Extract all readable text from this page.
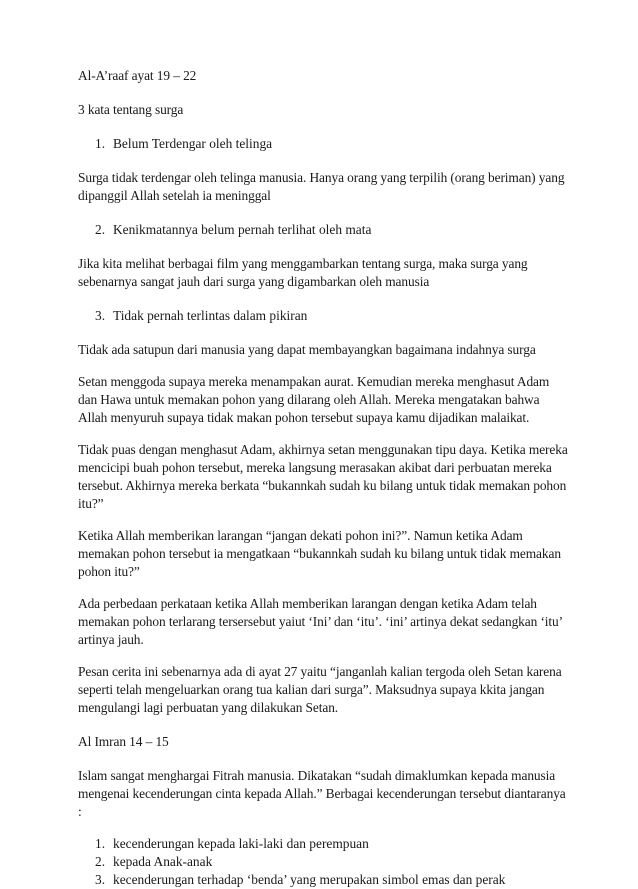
Al-A’raaf ayat 19 – 22

3 kata tentang surga

1. Belum Terdengar oleh telinga

Surga tidak terdengar oleh telinga manusia. Hanya orang yang terpilih (orang beriman) yang dipanggil Allah setelah ia meninggal

2. Kenikmatannya belum pernah terlihat oleh mata

Jika kita melihat berbagai film yang menggambarkan tentang surga, maka surga yang sebenarnya sangat jauh dari surga yang digambarkan oleh manusia

3. Tidak pernah terlintas dalam pikiran

Tidak ada satupun dari manusia yang dapat membayangkan bagaimana indahnya surga

Setan menggoda supaya mereka menampakan aurat. Kemudian mereka menghasut Adam dan Hawa untuk memakan pohon yang dilarang oleh Allah. Mereka mengatakan bahwa Allah menyuruh supaya tidak makan pohon tersebut supaya kamu dijadikan malaikat.

Tidak puas dengan menghasut Adam, akhirnya setan menggunakan tipu daya. Ketika mereka mencicipi buah pohon tersebut, mereka langsung merasakan akibat dari perbuatan mereka tersebut. Akhirnya mereka berkata “bukannkah sudah ku bilang untuk tidak memakan pohon itu?”

Ketika Allah memberikan larangan “jangan dekati pohon ini?”. Namun ketika Adam memakan pohon tersebut ia mengatkaan “bukannkah sudah ku bilang untuk tidak memakan pohon itu?”

Ada perbedaan perkataan ketika Allah memberikan larangan dengan ketika Adam telah memakan pohon terlarang tersersebut yaiut ‘Ini’ dan ‘itu’. ‘ini’ artinya dekat sedangkan ‘itu’ artinya jauh.

Pesan cerita ini sebenarnya ada di ayat 27 yaitu “janganlah kalian tergoda oleh Setan karena seperti telah mengeluarkan orang tua kalian dari surga”. Maksudnya supaya kkita jangan mengulangi lagi perbuatan yang dilakukan Setan.

Al Imran 14 – 15

Islam sangat menghargai Fitrah manusia. Dikatakan “sudah dimaklumkan kepada manusia mengenai kecenderungan cinta kepada Allah.” Berbagai kecenderungan tersebut diantaranya :

1. kecenderungan kepada laki-laki dan perempuan
2. kepada Anak-anak
3. kecenderungan terhadap ‘benda’ yang merupakan simbol emas dan perak
